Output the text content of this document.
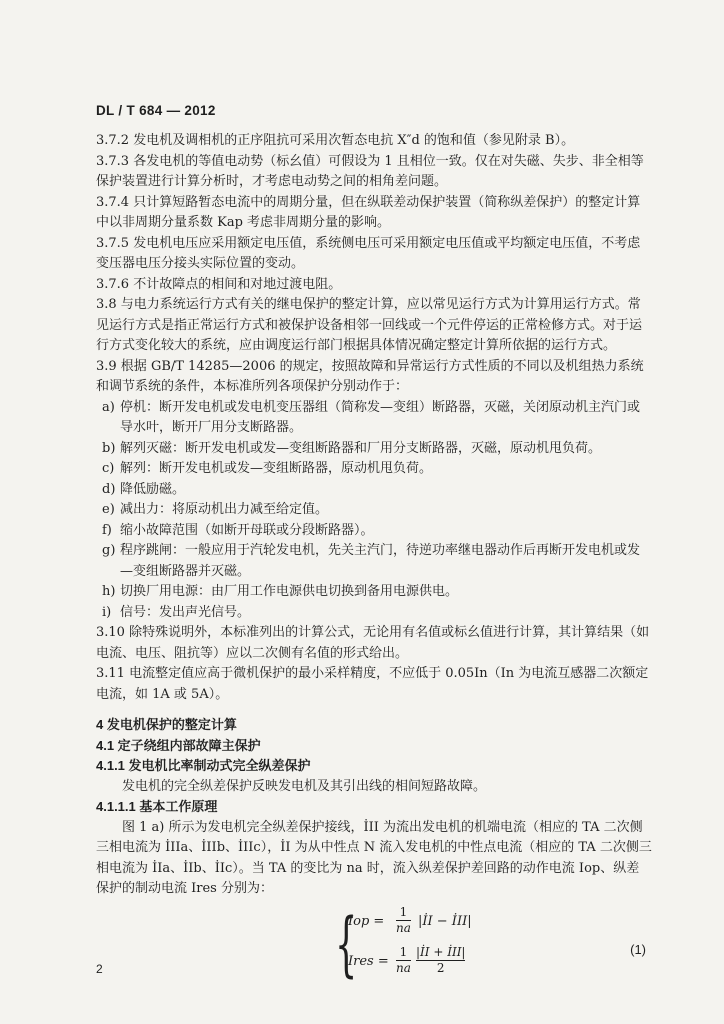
DL / T 684 — 2012

3.7.2 发电机及调相机的正序阻抗可采用次暂态电抗 X″d 的饱和值（参见附录 B）。

3.7.3 各发电机的等值电动势（标幺值）可假设为 1 且相位一致。仅在对失磁、失步、非全相等保护装置进行计算分析时，才考虑电动势之间的相角差问题。

3.7.4 只计算短路暂态电流中的周期分量，但在纵联差动保护装置（简称纵差保护）的整定计算中以非周期分量系数 Kap 考虑非周期分量的影响。

3.7.5 发电机电压应采用额定电压值，系统侧电压可采用额定电压值或平均额定电压值，不考虑变压器电压分接头实际位置的变动。

3.7.6 不计故障点的相间和对地过渡电阻。

3.8 与电力系统运行方式有关的继电保护的整定计算，应以常见运行方式为计算用运行方式。常见运行方式是指正常运行方式和被保护设备相邻一回线或一个元件停运的正常检修方式。对于运行方式变化较大的系统，应由调度运行部门根据具体情况确定整定计算所依据的运行方式。

3.9 根据 GB/T 14285—2006 的规定，按照故障和异常运行方式性质的不同以及机组热力系统和调节系统的条件，本标准所列各项保护分别动作于：

a) 停机：断开发电机或发电机变压器组（简称发—变组）断路器，灭磁，关闭原动机主汽门或导水叶，断开厂用分支断路器。

b) 解列灭磁：断开发电机或发—变组断路器和厂用分支断路器，灭磁，原动机甩负荷。

c) 解列：断开发电机或发—变组断路器，原动机甩负荷。

d) 降低励磁。

e) 减出力：将原动机出力减至给定值。

f) 缩小故障范围（如断开母联或分段断路器）。

g) 程序跳闸：一般应用于汽轮发电机，先关主汽门，待逆功率继电器动作后再断开发电机或发—变组断路器并灭磁。

h) 切换厂用电源：由厂用工作电源供电切换到备用电源供电。

i) 信号：发出声光信号。

3.10 除特殊说明外，本标准列出的计算公式，无论用有名值或标幺值进行计算，其计算结果（如电流、电压、阻抗等）应以二次侧有名值的形式给出。

3.11 电流整定值应高于微机保护的最小采样精度，不应低于 0.05In（In 为电流互感器二次额定电流，如 1A 或 5A）。

4 发电机保护的整定计算

4.1 定子绕组内部故障主保护

4.1.1 发电机比率制动式完全纵差保护

发电机的完全纵差保护反映发电机及其引出线的相间短路故障。

4.1.1.1 基本工作原理

图 1 a) 所示为发电机完全纵差保护接线，İII 为流出发电机的机端电流（相应的 TA 二次侧三相电流为 İIIa、İIIb、İIIc），İI 为从中性点 N 流入发电机的中性点电流（相应的 TA 二次侧三相电流为 İIa、İIb、İIc）。当 TA 的变比为 na 时，流入纵差保护差回路的动作电流 Iop、纵差保护的制动电流 Ires 分别为：

{
Iop =
1
na |İI − İII|
Ires =
1
na
|İI + İII|
2
(1)
2
